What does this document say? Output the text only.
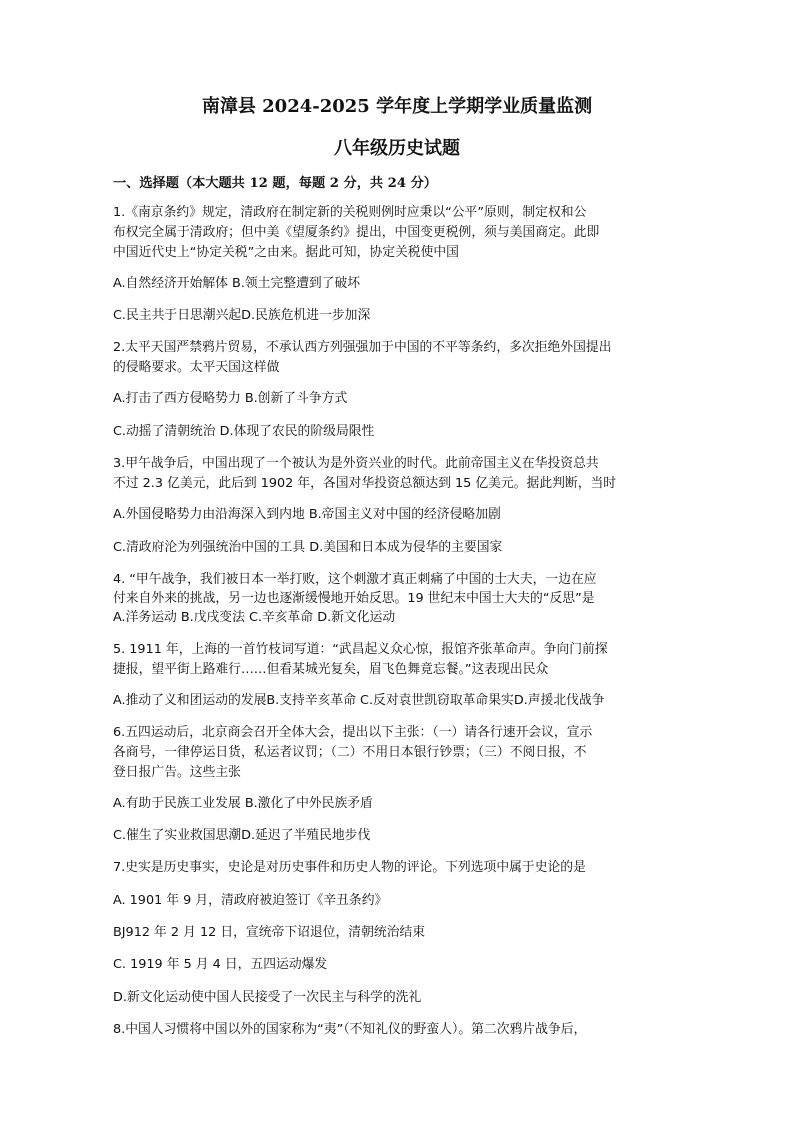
南漳县 2024-2025 学年度上学期学业质量监测
八年级历史试题
一、选择题（本大题共 12 题，每题 2 分，共 24 分）
1.《南京条约》规定，清政府在制定新的关税则例时应秉以“公平”原则，制定权和公
布权完全属于清政府；但中美《望厦条约》提出，中国变更税例，须与美国商定。此即
中国近代史上“协定关税”之由来。据此可知，协定关税使中国
A.自然经济开始解体 B.领土完整遭到了破坏
C.民主共于日思潮兴起D.民族危机进一步加深
2.太平天国严禁鸦片贸易，不承认西方列强强加于中国的不平等条约，多次拒绝外国提出
的侵略要求。太平天国这样做
A.打击了西方侵略势力 B.创新了斗争方式
C.动摇了清朝统治 D.体现了农民的阶级局限性
3.甲午战争后，中国出现了一个被认为是外资兴业的时代。此前帝国主义在华投资总共
不过 2.3 亿美元，此后到 1902 年，各国对华投资总额达到 15 亿美元。据此判断，当时
A.外国侵略势力由沿海深入到内地 B.帝国主义对中国的经济侵略加剧
C.清政府沦为列强统治中国的工具 D.美国和日本成为侵华的主要国家
4. “甲午战争，我们被日本一举打败，这个刺激才真正刺痛了中国的士大夫，一边在应
付来自外来的挑战，另一边也逐渐缓慢地开始反思。19 世纪末中国士大夫的“反思”是
A.洋务运动 B.戊戌变法 C.辛亥革命 D.新文化运动
5. 1911 年，上海的一首竹枝词写道：“武昌起义众心惊，报馆齐张革命声。争向门前探
捷报，望平街上路难行……但看某城光复矣，眉飞色舞竟忘餐。”这表现出民众
A.推动了义和团运动的发展B.支持辛亥革命 C.反对袁世凯窃取革命果实D.声援北伐战争
6.五四运动后，北京商会召开全体大会，提出以下主张：（一）请各行速开会议，宣示
各商号，一律停运日货，私运者议罚；（二）不用日本银行钞票；（三）不阅日报，不
登日报广告。这些主张
A.有助于民族工业发展 B.激化了中外民族矛盾
C.催生了实业救国思潮D.延迟了半殖民地步伐
7.史实是历史事实，史论是对历史事件和历史人物的评论。下列选项中属于史论的是
A. 1901 年 9 月，清政府被迫签订《辛丑条约》
BJ912 年 2 月 12 日，宣统帝下诏退位，清朝统治结束
C. 1919 年 5 月 4 日，五四运动爆发
D.新文化运动使中国人民接受了一次民主与科学的洗礼
8.中国人习惯将中国以外的国家称为“夷”（不知礼仪的野蛮人）。第二次鸦片战争后，
